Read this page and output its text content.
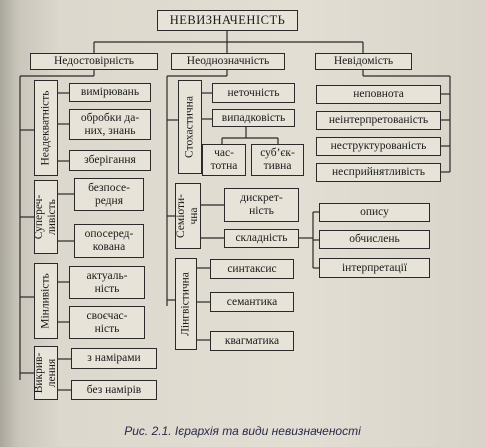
НЕВИЗНАЧЕНІСТЬ
Недостовірність	Неоднозначність	Невідомість
Неадекватність	вимірювань
обробки да-
них, знань
зберігання
Супереч-
ливість
безпосе-
редня
опосеред-
кована
Мінливість	актуаль-
ність
своєчас-
ність
Викрив-
лення
з намірами
без намірів
Стохастична
неточність
випадковість
час-
тотна
суб’єк-
тивна
Семіоти-
чна
дискрет-
ність
складність
опису
обчислень
інтерпретації
Лінгвістична
синтаксис
семантика
квагматика
неповнота
неінтерпретованість
неструктурованість
несприйнятливість
Рис. 2.1. Ієрархія та види невизначеності
